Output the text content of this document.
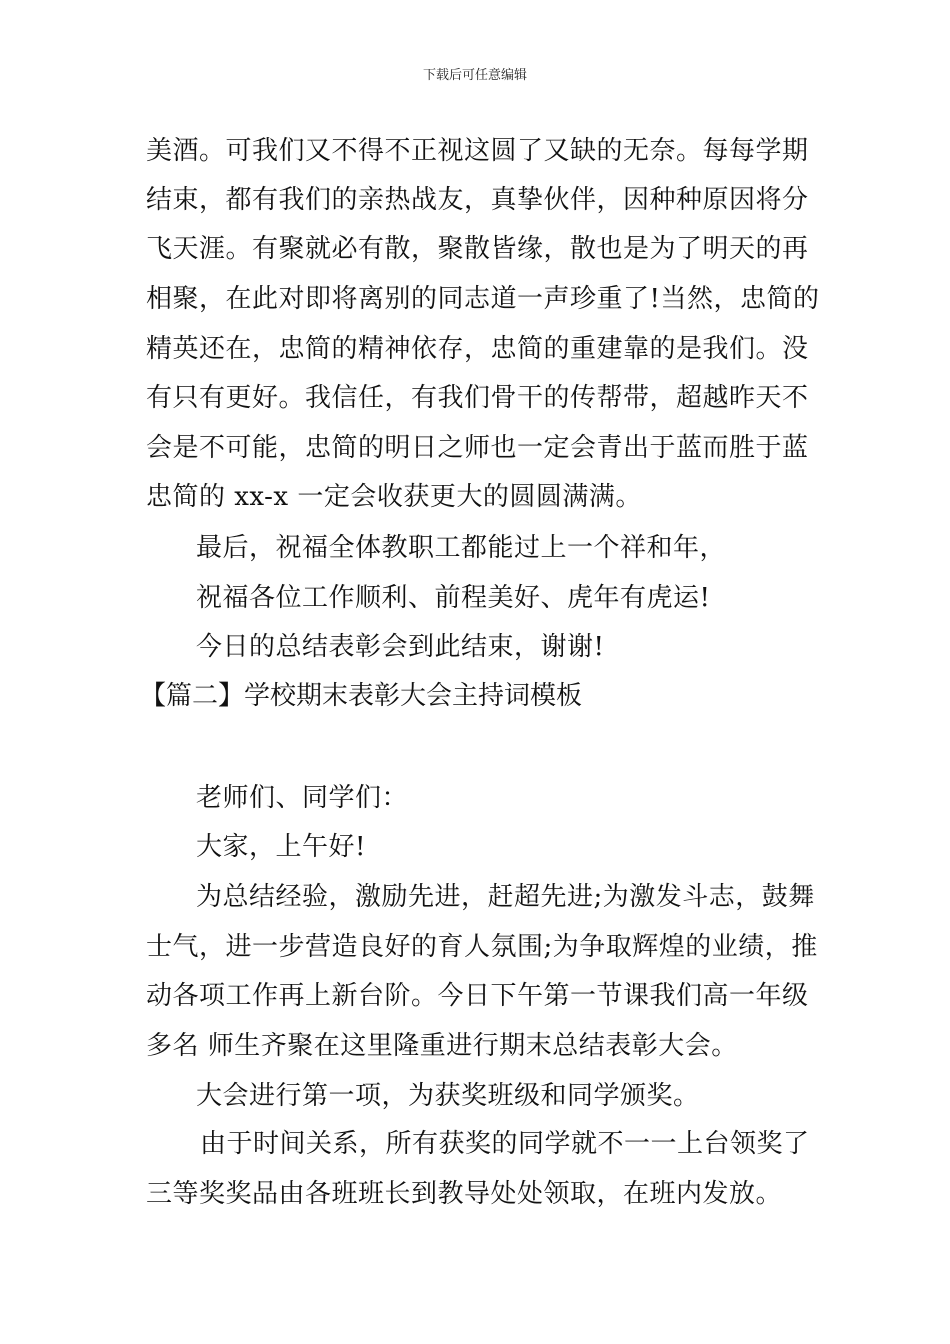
下载后可任意编辑
美酒。可我们又不得不正视这圆了又缺的无奈。每每学期
结束，都有我们的亲热战友，真挚伙伴，因种种原因将分
飞天涯。有聚就必有散，聚散皆缘，散也是为了明天的再
相聚，在此对即将离别的同志道一声珍重了!当然，忠简的
精英还在，忠简的精神依存，忠简的重建靠的是我们。没
有只有更好。我信任，有我们骨干的传帮带，超越昨天不
会是不可能，忠简的明日之师也一定会青出于蓝而胜于蓝
忠简的 xx-x 一定会收获更大的圆圆满满。
最后，祝福全体教职工都能过上一个祥和年，
祝福各位工作顺利、前程美好、虎年有虎运!
今日的总结表彰会到此结束，谢谢!
【篇二】学校期末表彰大会主持词模板
老师们、同学们：
大家，上午好!
为总结经验，激励先进，赶超先进;为激发斗志，鼓舞
士气，进一步营造良好的育人氛围;为争取辉煌的业绩，推
动各项工作再上新台阶。今日下午第一节课我们高一年级
多名 师生齐聚在这里隆重进行期末总结表彰大会。
大会进行第一项，为获奖班级和同学颁奖。
由于时间关系，所有获奖的同学就不一一上台领奖了
三等奖奖品由各班班长到教导处处领取，在班内发放。
